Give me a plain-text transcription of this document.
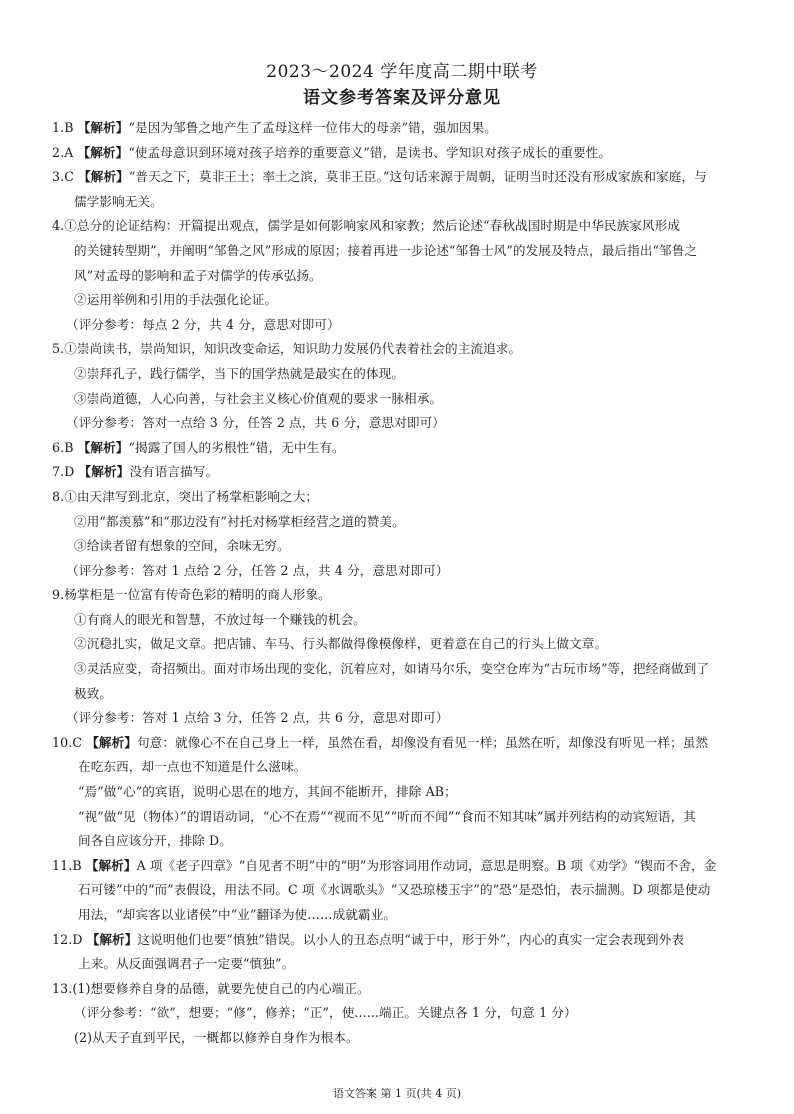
2023～2024 学年度高二期中联考
语文参考答案及评分意见
1.B 【解析】“是因为邹鲁之地产生了孟母这样一位伟大的母亲”错，强加因果。
2.A 【解析】“使孟母意识到环境对孩子培养的重要意义”错，是读书、学知识对孩子成长的重要性。
3.C 【解析】“普天之下，莫非王土；率土之滨，莫非王臣。”这句话来源于周朝，证明当时还没有形成家族和家庭，与
儒学影响无关。
4.①总分的论证结构：开篇提出观点，儒学是如何影响家风和家教；然后论述“春秋战国时期是中华民族家风形成
的关键转型期”，并阐明“邹鲁之风”形成的原因；接着再进一步论述“邹鲁士风”的发展及特点，最后指出“邹鲁之
风”对孟母的影响和孟子对儒学的传承弘扬。
②运用举例和引用的手法强化论证。
（评分参考：每点 2 分，共 4 分，意思对即可）
5.①崇尚读书，崇尚知识，知识改变命运，知识助力发展仍代表着社会的主流追求。
②崇拜孔子，践行儒学，当下的国学热就是最实在的体现。
③崇尚道德，人心向善，与社会主义核心价值观的要求一脉相承。
（评分参考：答对一点给 3 分，任答 2 点，共 6 分，意思对即可）
6.B 【解析】“揭露了国人的劣根性”错，无中生有。
7.D 【解析】没有语言描写。
8.①由天津写到北京，突出了杨掌柜影响之大；
②用“都羡慕”和“那边没有”衬托对杨掌柜经营之道的赞美。
③给读者留有想象的空间，余味无穷。
（评分参考：答对 1 点给 2 分，任答 2 点，共 4 分，意思对即可）
9.杨掌柜是一位富有传奇色彩的精明的商人形象。
①有商人的眼光和智慧，不放过每一个赚钱的机会。
②沉稳扎实，做足文章。把店铺、车马、行头都做得像模像样，更着意在自己的行头上做文章。
③灵活应变，奇招频出。面对市场出现的变化，沉着应对，如请马尔乐，变空仓库为“古玩市场”等，把经商做到了
极致。
（评分参考：答对 1 点给 3 分，任答 2 点，共 6 分，意思对即可）
10.C 【解析】句意：就像心不在自己身上一样，虽然在看，却像没有看见一样；虽然在听，却像没有听见一样；虽然
在吃东西，却一点也不知道是什么滋味。
“焉”做“心”的宾语，说明心思在的地方，其间不能断开，排除 AB；
“视”做“见（物体）”的谓语动词，“心不在焉”“视而不见”“听而不闻”“食而不知其味”属并列结构的动宾短语，其
间各自应该分开，排除 D。
11.B 【解析】A 项《老子四章》“自见者不明”中的“明”为形容词用作动词，意思是明察。B 项《劝学》“锲而不舍，金
石可镂”中的“而”表假设，用法不同。C 项《水调歌头》“又恐琼楼玉宇”的“恐”是恐怕，表示揣测。D 项都是使动
用法，“却宾客以业诸侯”中“业”翻译为使……成就霸业。
12.D 【解析】这说明他们也要“慎独”错误。以小人的丑态点明“诚于中，形于外”，内心的真实一定会表现到外表
上来。从反面强调君子一定要“慎独”。
13.(1)想要修养自身的品德，就要先使自己的内心端正。
（评分参考：“欲”，想要；“修”，修养；“正”，使......端正。关键点各 1 分，句意 1 分）
(2)从天子直到平民，一概都以修养自身作为根本。
语文答案 第 1 页(共 4 页)
